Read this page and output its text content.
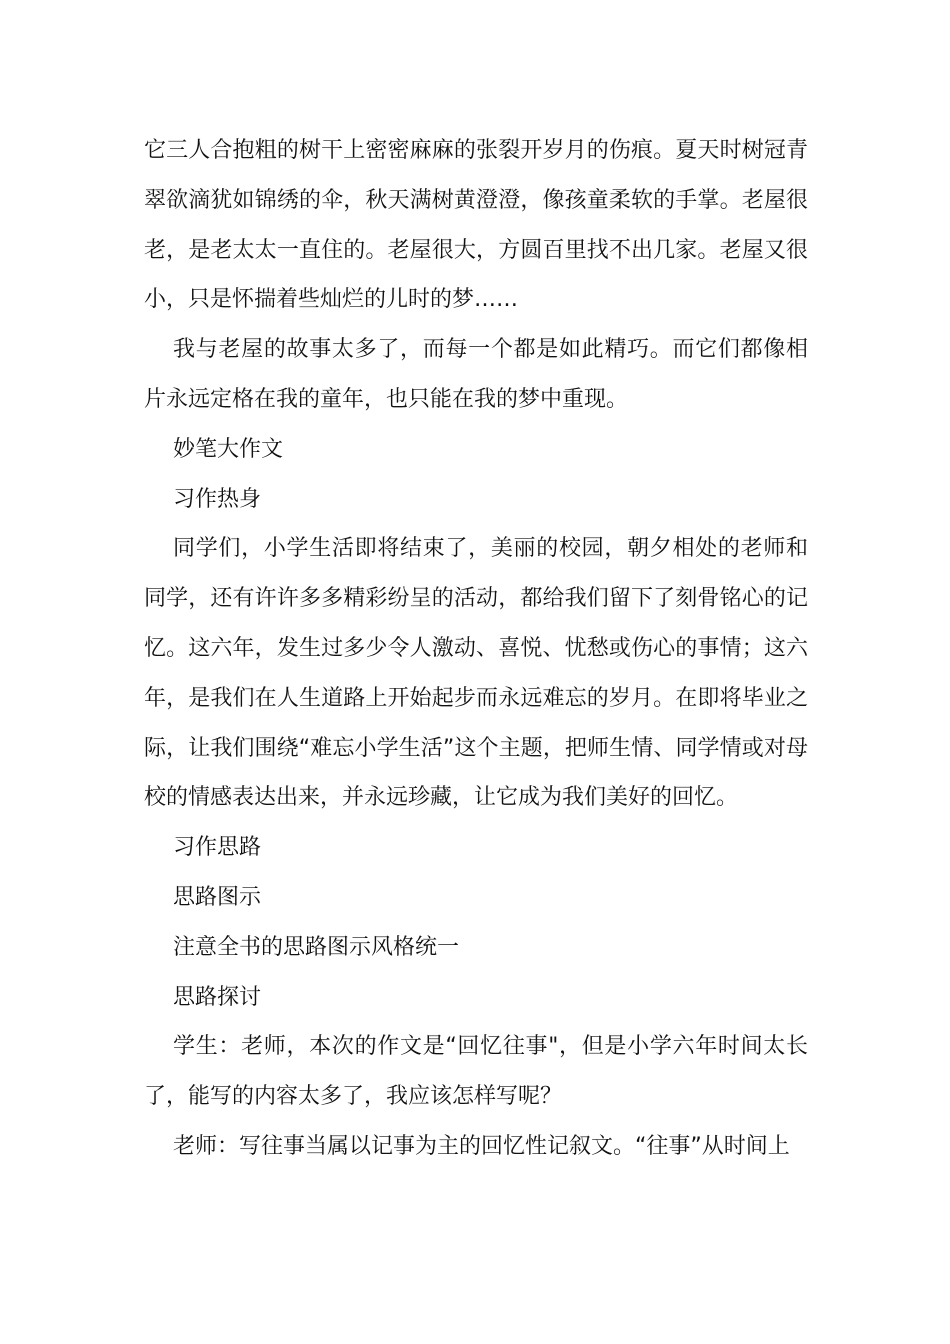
它三人合抱粗的树干上密密麻麻的张裂开岁月的伤痕。夏天时树冠青翠欲滴犹如锦绣的伞，秋天满树黄澄澄，像孩童柔软的手掌。老屋很老，是老太太一直住的。老屋很大，方圆百里找不出几家。老屋又很小，只是怀揣着些灿烂的儿时的梦……

我与老屋的故事太多了，而每一个都是如此精巧。而它们都像相片永远定格在我的童年，也只能在我的梦中重现。

妙笔大作文

习作热身

同学们，小学生活即将结束了，美丽的校园，朝夕相处的老师和同学，还有许许多多精彩纷呈的活动，都给我们留下了刻骨铭心的记忆。这六年，发生过多少令人激动、喜悦、忧愁或伤心的事情；这六年，是我们在人生道路上开始起步而永远难忘的岁月。在即将毕业之际，让我们围绕“难忘小学生活”这个主题，把师生情、同学情或对母校的情感表达出来，并永远珍藏，让它成为我们美好的回忆。

习作思路

思路图示

注意全书的思路图示风格统一

思路探讨

学生：老师，本次的作文是“回忆往事"，但是小学六年时间太长了，能写的内容太多了，我应该怎样写呢？

老师：写往事当属以记事为主的回忆性记叙文。“往事”从时间上
